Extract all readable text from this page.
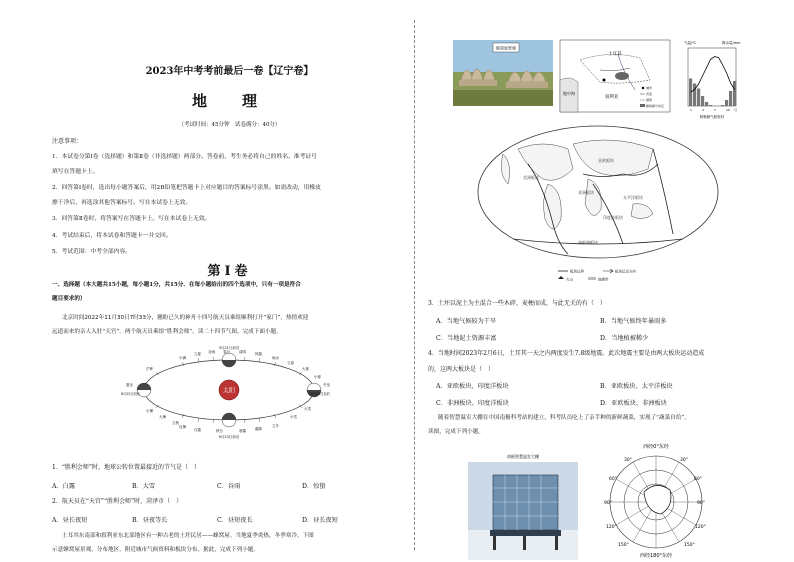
2023年中考考前最后一卷【辽宁卷】
地　理
（考试时间：45分钟　试卷满分：40分）
注意事项：
1．本试卷分第Ⅰ卷（选择题）和第Ⅱ卷（非选择题）两部分。答卷前，考生务必将自己的姓名、准考证号
填写在答题卡上。
2．回答第Ⅰ卷时，选出每小题答案后，用2B铅笔把答题卡上对应题目的答案标号涂黑。如需改动，用橡皮
擦干净后，再选涂其他答案标号。写在本试卷上无效。
3．回答第Ⅱ卷时，将答案写在答题卡上。写在本试卷上无效。
4．考试结束后，将本试卷和答题卡一并交回。
5．考试范围：中考全部内容。
第Ⅰ卷
一、选择题（本大题共15小题，每小题1分，共15分．在每小题给出的四个选项中，只有一项是符合
题目要求的）
北京时间2022年11月30日7时33分，翘盼已久的神舟十四号航天员乘组顺利打开“家门”，热情欢迎
远道而来的亲人入驻“天宫”。两个航天员乘组“胜利会师”。读二十四节气图，完成下面小题。
太阳
3月21日前后
9月23日前后
小满
立夏 谷雨	清明
春分	惊蛰
雨水
芒种
夏至
6月22日前后
小暑
大暑
立秋
立春
大寒
小寒
冬至
12月22日前后
大雪
小雪
处暑
白露	秋分	寒露	霜降
立冬
1．“胜利会师”时，地球公转位置最接近的节气是（　）
A．白露	B．大雪	C．谷雨	D．惊蛰
2．航天员在“天宫”“胜利会师”时，菏泽市（　）
A．昼长夜短	B．昼夜等长	C．昼短夜长	D．昼长夜短
土耳其东南部和叙利亚东北部地区有一种古老的土坯民居——蜂窝屋。当地夏季炎热，冬季寒冷，下图
示意蜂窝屋景观、分布地区、附近城市气候资料和板块分布。据此，完成下列小题。
蜂窝屋景观
土耳其
叙利亚
地中海
城市
河流
国界
蜂窝屋分布区
气温/℃	降水量/mm
1	4	7	10 月
阿勒颇气候资料
亚欧板块
太平洋板块
非洲板块
印度洋板块
美洲板块
南极洲板块
板块边界	板块运动方向
火山	地震带
3．土坯以泥土为主混合一些木碎、麦梗而成，与此无关的有（　）
A．当地气候较为干旱	B．当地气候终年暴雨多
C．当地泥土资源丰富	D．当地植被稀少
4．当地时间2023年2月6日，土耳其一天之内两度发生7.8级地震。此次地震主要是由两大板块运动造成
的，这两大板块是（　）
A．亚欧板块、印度洋板块	B．亚欧板块、太平洋板块
C．非洲板块、印度洋板块	D．亚欧板块、非洲板块
随着智慧温室大棚在中国南极科考站的建立，科考队员吃上了亲手种的新鲜蔬菜，实现了“蔬菜自给”。
读图，完成下列小题。
南极智慧温室大棚
西经0°东经
30°
60°
90°
120°
150°
30°
60°
90°
120°
150°
西经180°东经
